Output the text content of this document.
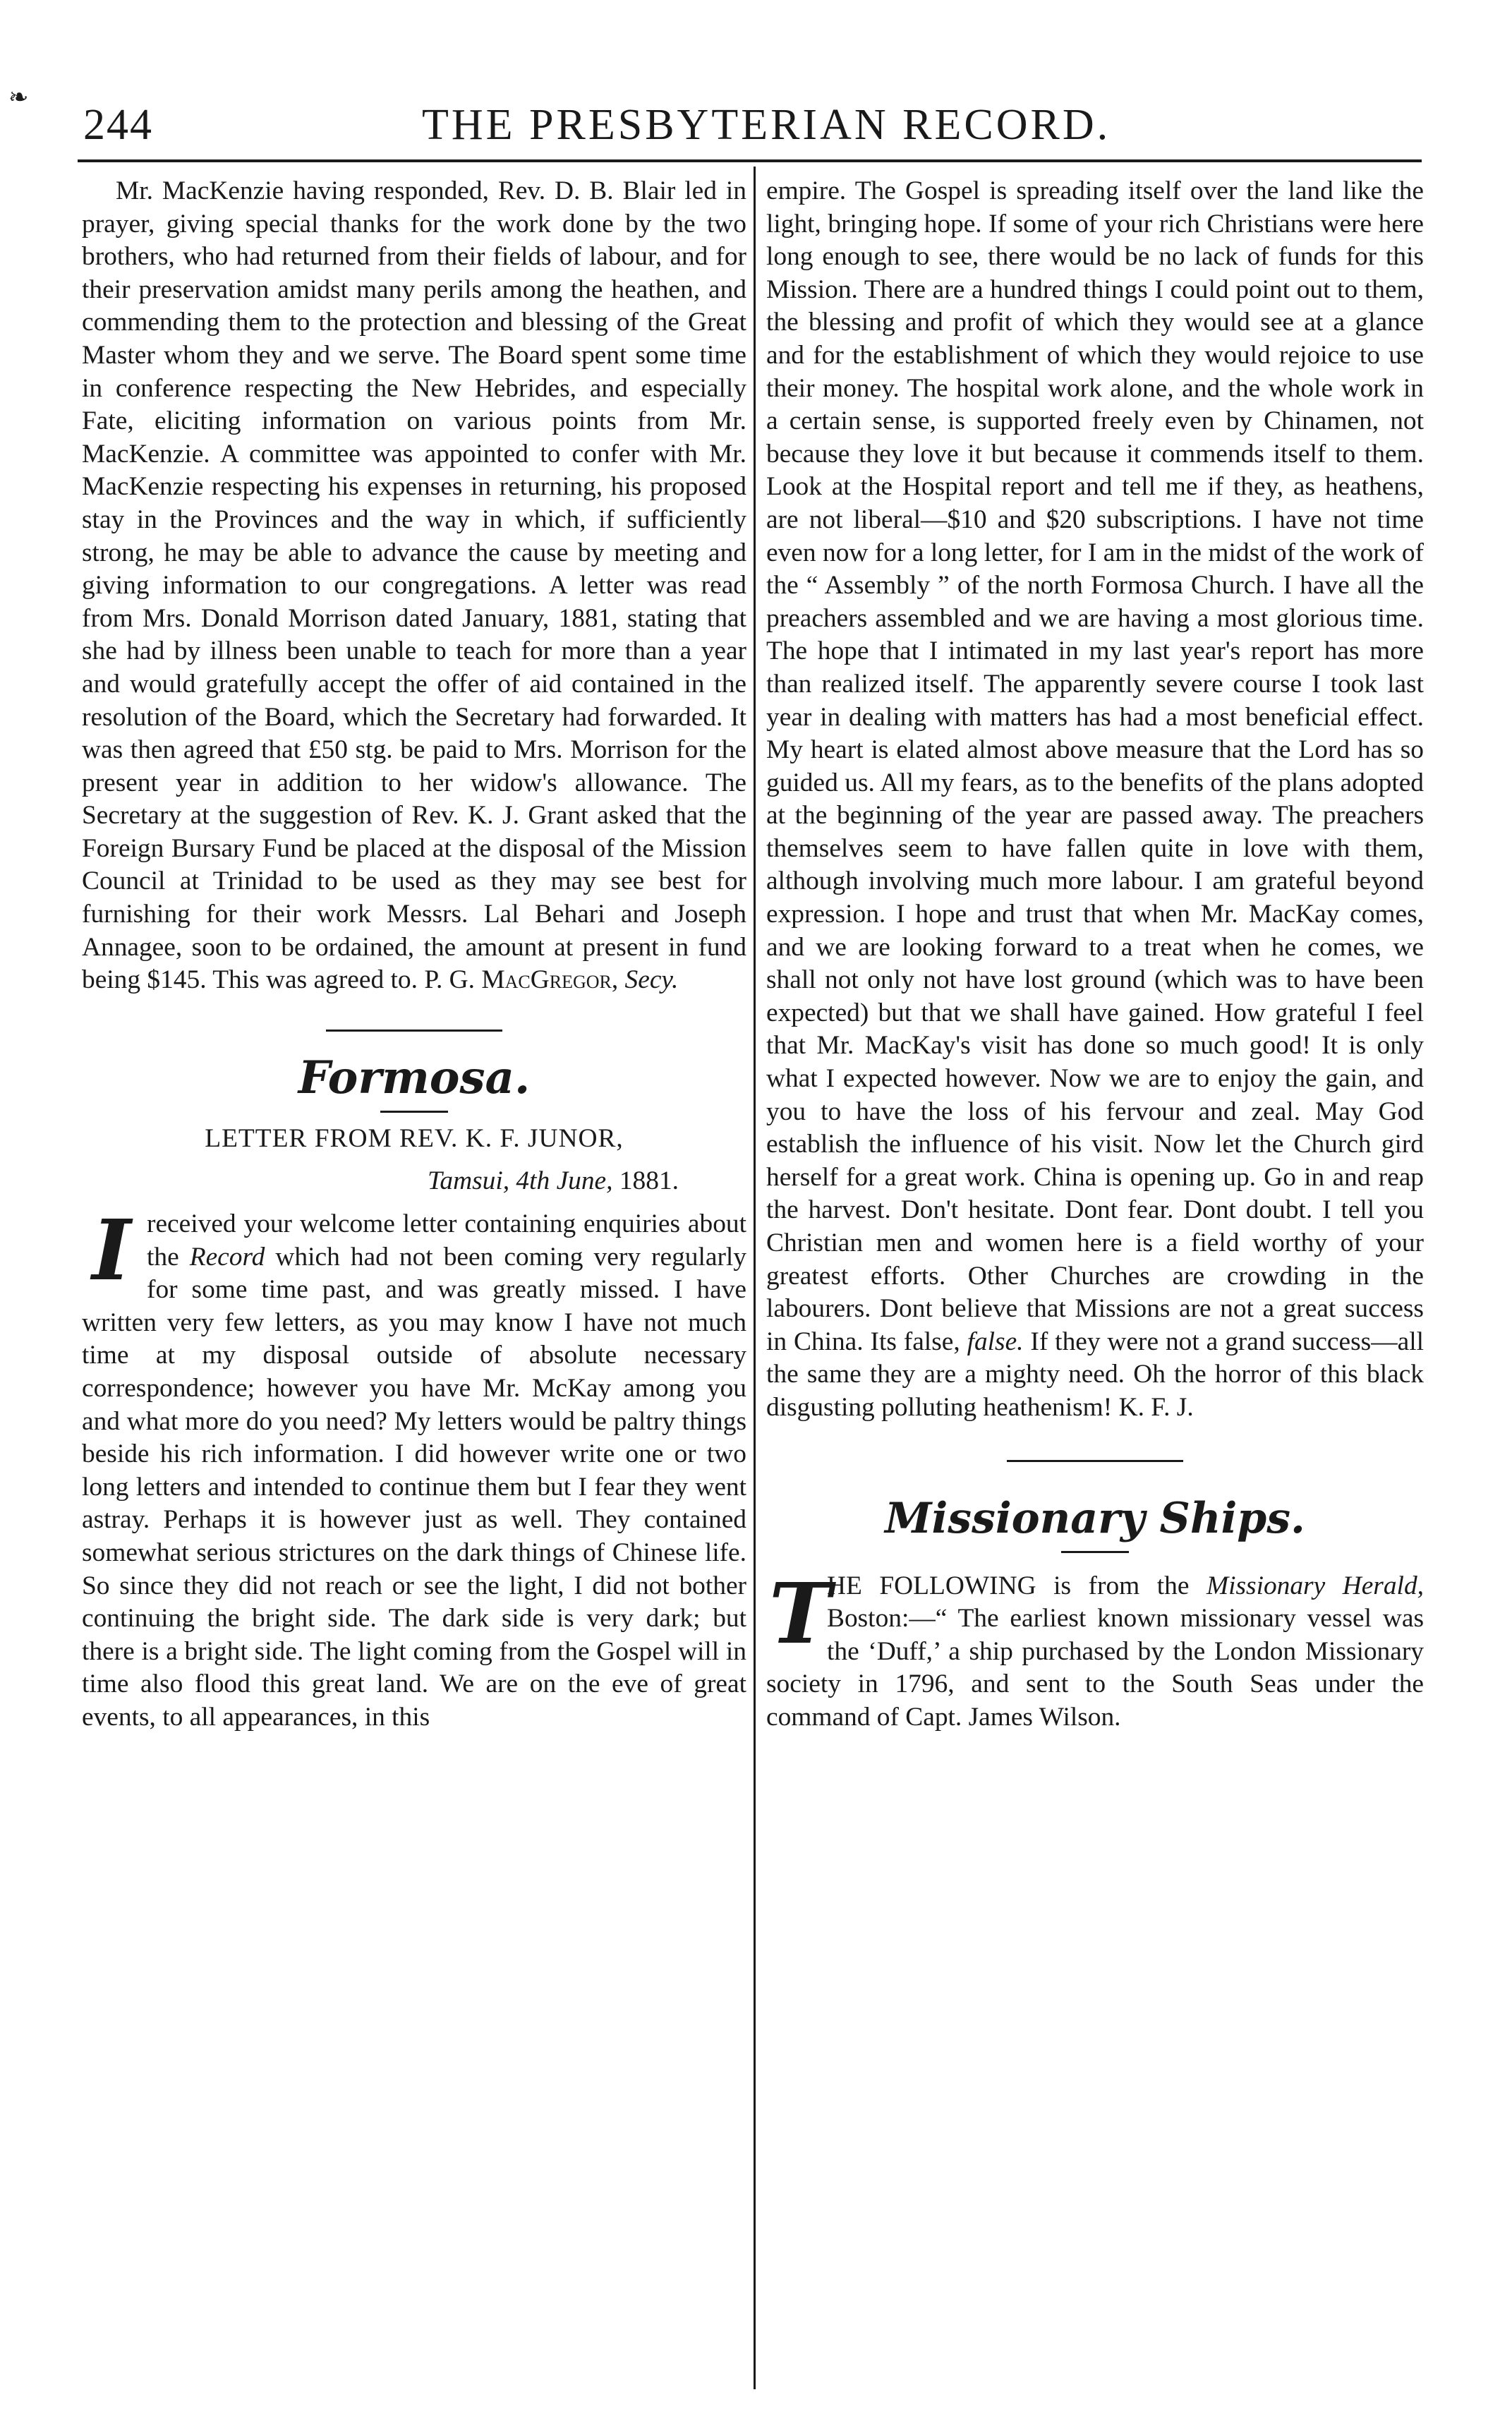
❧
244	THE PRESBYTERIAN RECORD.

Mr. MacKenzie having responded, Rev. D. B. Blair led in prayer, giving special thanks for the work done by the two brothers, who had returned from their fields of labour, and for their preservation amidst many perils among the heathen, and commending them to the protection and blessing of the Great Master whom they and we serve. The Board spent some time in conference respecting the New Hebrides, and especially Fate, eliciting information on various points from Mr. MacKenzie. A committee was appointed to confer with Mr. MacKenzie respecting his expenses in returning, his proposed stay in the Provinces and the way in which, if sufficiently strong, he may be able to advance the cause by meeting and giving information to our congregations. A letter was read from Mrs. Donald Morrison dated January, 1881, stating that she had by illness been unable to teach for more than a year and would gratefully accept the offer of aid contained in the resolution of the Board, which the Secretary had forwarded. It was then agreed that £50 stg. be paid to Mrs. Morrison for the present year in addition to her widow's allowance. The Secretary at the suggestion of Rev. K. J. Grant asked that the Foreign Bursary Fund be placed at the disposal of the Mission Council at Trinidad to be used as they may see best for furnishing for their work Messrs. Lal Behari and Joseph Annagee, soon to be ordained, the amount at present in fund being $145. This was agreed to. P. G. MacGregor, Secy.

Formosa.

LETTER FROM REV. K. F. JUNOR,

Tamsui, 4th June, 1881.

I received your welcome letter containing enquiries about the Record which had not been coming very regularly for some time past, and was greatly missed. I have written very few letters, as you may know I have not much time at my disposal outside of absolute necessary correspondence; however you have Mr. McKay among you and what more do you need? My letters would be paltry things beside his rich information. I did however write one or two long letters and intended to continue them but I fear they went astray. Perhaps it is however just as well. They contained somewhat serious strictures on the dark things of Chinese life. So since they did not reach or see the light, I did not bother continuing the bright side. The dark side is very dark; but there is a bright side. The light coming from the Gospel will in time also flood this great land. We are on the eve of great events, to all appearances, in this

empire. The Gospel is spreading itself over the land like the light, bringing hope. If some of your rich Christians were here long enough to see, there would be no lack of funds for this Mission. There are a hundred things I could point out to them, the blessing and profit of which they would see at a glance and for the establishment of which they would rejoice to use their money. The hospital work alone, and the whole work in a certain sense, is supported freely even by Chinamen, not because they love it but because it commends itself to them. Look at the Hospital report and tell me if they, as heathens, are not liberal—$10 and $20 subscriptions. I have not time even now for a long letter, for I am in the midst of the work of the “ Assembly ” of the north Formosa Church. I have all the preachers assembled and we are having a most glorious time. The hope that I intimated in my last year's report has more than realized itself. The apparently severe course I took last year in dealing with matters has had a most beneficial effect. My heart is elated almost above measure that the Lord has so guided us. All my fears, as to the benefits of the plans adopted at the beginning of the year are passed away. The preachers themselves seem to have fallen quite in love with them, although involving much more labour. I am grateful beyond expression. I hope and trust that when Mr. MacKay comes, and we are looking forward to a treat when he comes, we shall not only not have lost ground (which was to have been expected) but that we shall have gained. How grateful I feel that Mr. MacKay's visit has done so much good! It is only what I expected however. Now we are to enjoy the gain, and you to have the loss of his fervour and zeal. May God establish the influence of his visit. Now let the Church gird herself for a great work. China is opening up. Go in and reap the harvest. Don't hesitate. Dont fear. Dont doubt. I tell you Christian men and women here is a field worthy of your greatest efforts. Other Churches are crowding in the labourers. Dont believe that Missions are not a great success in China. Its false, false. If they were not a grand success—all the same they are a mighty need. Oh the horror of this black disgusting polluting heathenism! K. F. J.

Missionary Ships.

T
HE FOLLOWING is from the Missionary Herald, Boston:—“ The earliest known missionary vessel was the ‘Duff,’ a ship purchased by the London Missionary society in 1796, and sent to the South Seas under the command of Capt. James Wilson.
